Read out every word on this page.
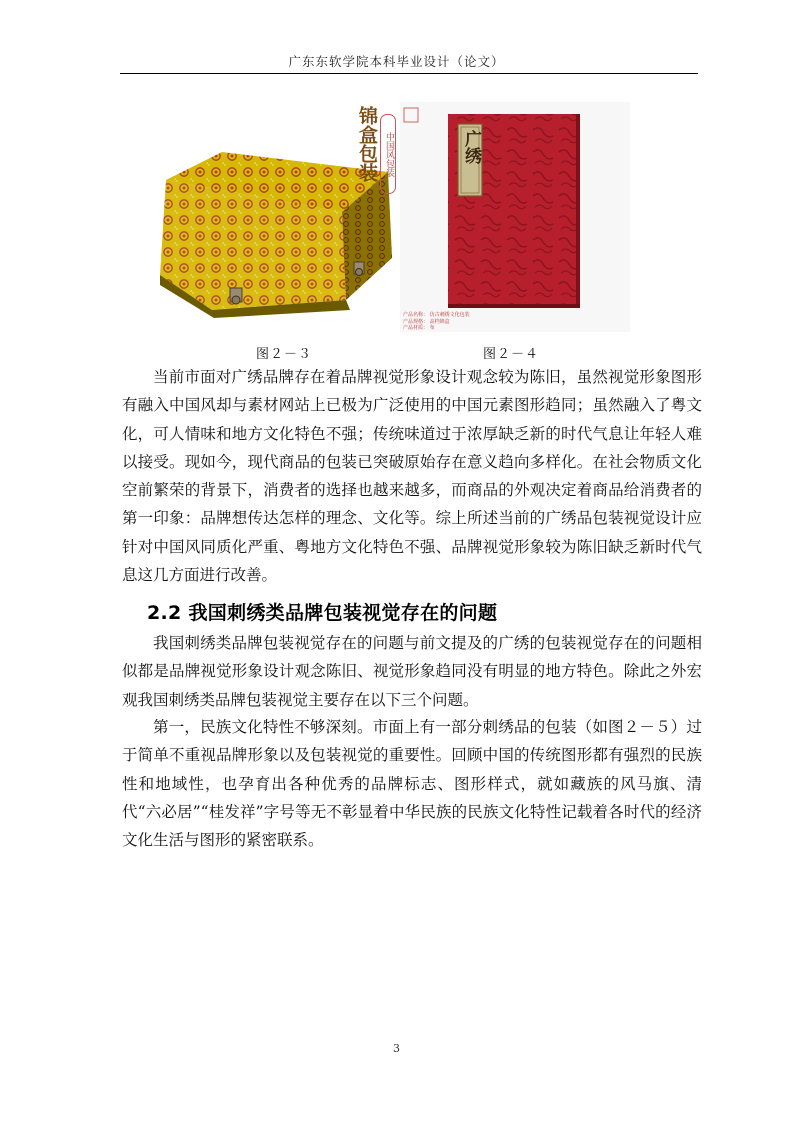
广东东软学院本科毕业设计（论文）
锦盒包装 中国风包装	广绣
产品名称： 仿古刺绣文化包装
产品规格： 高档锦盒
产品材质： 布
图２－３	图２－４

当前市面对广绣品牌存在着品牌视觉形象设计观念较为陈旧，虽然视觉形象图形有融入中国风却与素材网站上已极为广泛使用的中国元素图形趋同；虽然融入了粤文化，可人情味和地方文化特色不强；传统味道过于浓厚缺乏新的时代气息让年轻人难以接受。现如今，现代商品的包装已突破原始存在意义趋向多样化。在社会物质文化空前繁荣的背景下，消费者的选择也越来越多，而商品的外观决定着商品给消费者的第一印象：品牌想传达怎样的理念、文化等。综上所述当前的广绣品包装视觉设计应针对中国风同质化严重、粤地方文化特色不强、品牌视觉形象较为陈旧缺乏新时代气息这几方面进行改善。

2.2 我国刺绣类品牌包装视觉存在的问题

我国刺绣类品牌包装视觉存在的问题与前文提及的广绣的包装视觉存在的问题相似都是品牌视觉形象设计观念陈旧、视觉形象趋同没有明显的地方特色。除此之外宏观我国刺绣类品牌包装视觉主要存在以下三个问题。

第一，民族文化特性不够深刻。市面上有一部分刺绣品的包装（如图２－５）过于简单不重视品牌形象以及包装视觉的重要性。回顾中国的传统图形都有强烈的民族性和地域性，也孕育出各种优秀的品牌标志、图形样式，就如藏族的风马旗、清代“六必居”“桂发祥”字号等无不彰显着中华民族的民族文化特性记载着各时代的经济文化生活与图形的紧密联系。

3
